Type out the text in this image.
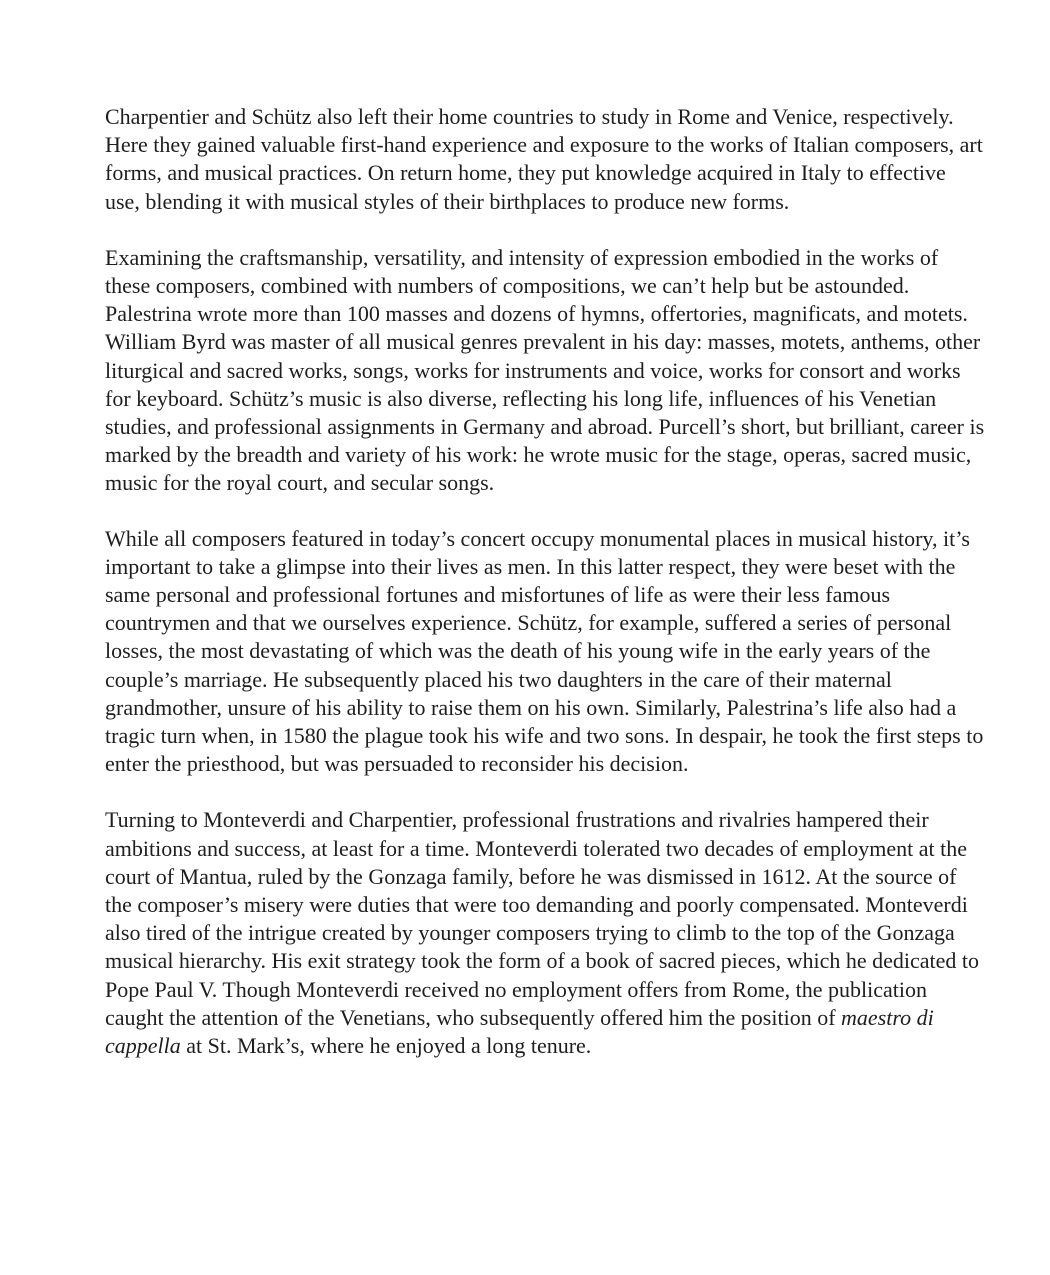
Charpentier and Schütz also left their home countries to study in Rome and Venice, respectively. Here they gained valuable first-hand experience and exposure to the works of Italian composers, art forms, and musical practices. On return home, they put knowledge acquired in Italy to effective use, blending it with musical styles of their birthplaces to produce new forms.

Examining the craftsmanship, versatility, and intensity of expression embodied in the works of these composers, combined with numbers of compositions, we can’t help but be astounded. Palestrina wrote more than 100 masses and dozens of hymns, offertories, magnificats, and motets. William Byrd was master of all musical genres prevalent in his day: masses, motets, anthems, other liturgical and sacred works, songs, works for instruments and voice, works for consort and works for keyboard. Schütz’s music is also diverse, reflecting his long life, influences of his Venetian studies, and professional assignments in Germany and abroad. Purcell’s short, but brilliant, career is marked by the breadth and variety of his work: he wrote music for the stage, operas, sacred music, music for the royal court, and secular songs.

While all composers featured in today’s concert occupy monumental places in musical history, it’s important to take a glimpse into their lives as men. In this latter respect, they were beset with the same personal and professional fortunes and misfortunes of life as were their less famous countrymen and that we ourselves experience. Schütz, for example, suffered a series of personal losses, the most devastating of which was the death of his young wife in the early years of the couple’s marriage. He subsequently placed his two daughters in the care of their maternal grandmother, unsure of his ability to raise them on his own. Similarly, Palestrina’s life also had a tragic turn when, in 1580 the plague took his wife and two sons. In despair, he took the first steps to enter the priesthood, but was persuaded to reconsider his decision.

Turning to Monteverdi and Charpentier, professional frustrations and rivalries hampered their ambitions and success, at least for a time. Monteverdi tolerated two decades of employment at the court of Mantua, ruled by the Gonzaga family, before he was dismissed in 1612. At the source of the composer’s misery were duties that were too demanding and poorly compensated. Monteverdi also tired of the intrigue created by younger composers trying to climb to the top of the Gonzaga musical hierarchy. His exit strategy took the form of a book of sacred pieces, which he dedicated to Pope Paul V. Though Monteverdi received no employment offers from Rome, the publication caught the attention of the Venetians, who subsequently offered him the position of maestro di cappella at St. Mark’s, where he enjoyed a long tenure.
